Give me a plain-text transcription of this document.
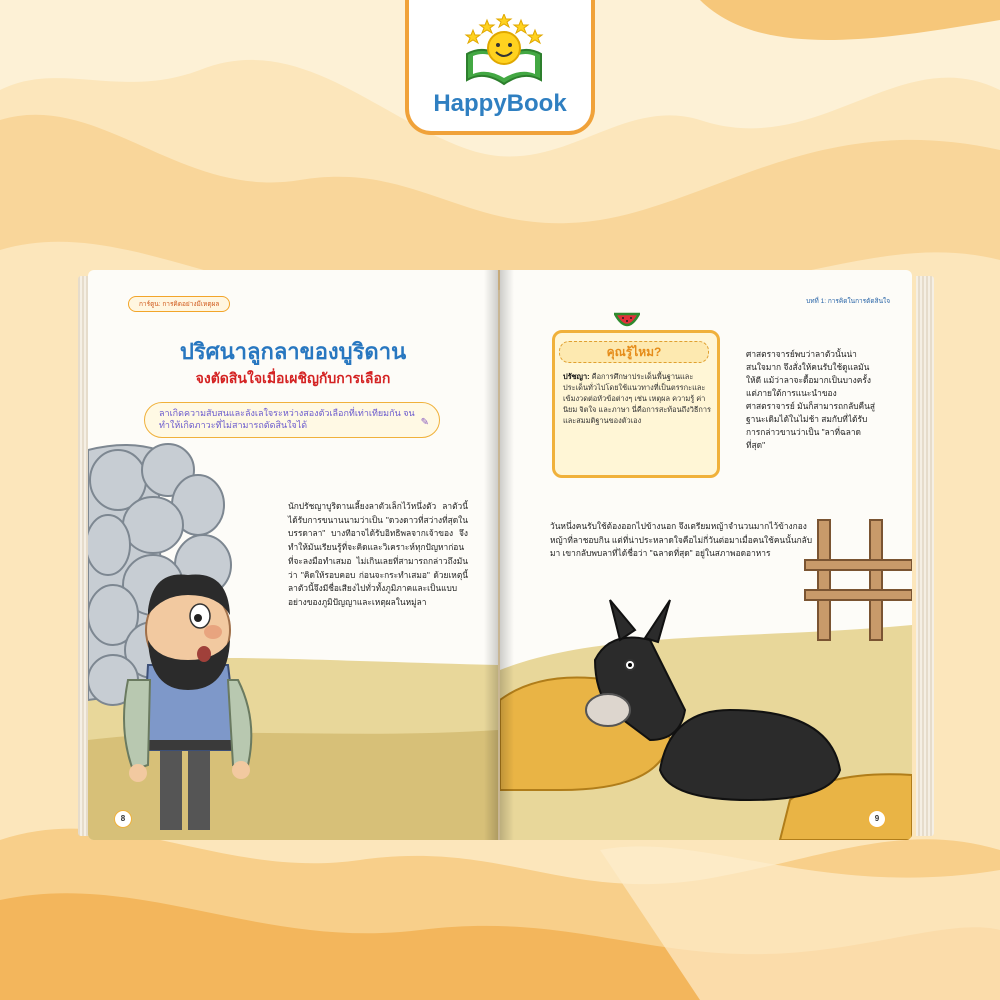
HappyBook
การ์ตูน: การคิดอย่างมีเหตุผล
ปริศนาลูกลาของบูริดาน
จงตัดสินใจเมื่อเผชิญกับการเลือก
ลาเกิดความสับสนและลังเลใจระหว่างสองตัวเลือกที่เท่าเทียมกัน จนทำให้เกิดภาวะที่ไม่สามารถตัดสินใจได้	✎
นักปรัชญาบูริดานเลี้ยงลาตัวเล็กไว้หนึ่งตัว ลาตัวนี้ได้รับการขนานนามว่าเป็น "ดวงดาวที่สว่างที่สุดในบรรดาลา" บางทีอาจได้รับอิทธิพลจากเจ้าของ จึงทำให้มันเรียนรู้ที่จะคิดและวิเคราะห์ทุกปัญหาก่อนที่จะลงมือทำเสมอ ไม่เกินเลยที่สามารถกล่าวถึงมันว่า "คิดให้รอบคอบ ก่อนจะกระทำเสมอ" ด้วยเหตุนี้ ลาตัวนี้จึงมีชื่อเสียงไปทั่วทั้งภูมิภาคและเป็นแบบอย่างของภูมิปัญญาและเหตุผลในหมู่ลา
8
บทที่ 1: การคิดในการตัดสินใจ
คุณรู้ไหม?
ปรัชญา: คือการศึกษาประเด็นพื้นฐานและประเด็นทั่วไปโดยใช้แนวทางที่เป็นตรรกะและเข้มงวดต่อหัวข้อต่างๆ เช่น เหตุผล ความรู้ ค่านิยม จิตใจ และภาษา นี่คือการสะท้อนถึงวิธีการและสมมติฐานของตัวเอง
ศาสตราจารย์พบว่าลาตัวนั้นน่าสนใจมาก จึงสั่งให้คนรับใช้ดูแลมันให้ดี แม้ว่าลาจะดื้อมากเป็นบางครั้ง แต่ภายใต้การแนะนำของศาสตราจารย์ มันก็สามารถกลับคืนสู่ฐานะเดิมได้ในไม่ช้า สมกับที่ได้รับการกล่าวขานว่าเป็น "ลาที่ฉลาดที่สุด"
วันหนึ่งคนรับใช้ต้องออกไปข้างนอก จึงเตรียมหญ้าจำนวนมากไว้ข้างกองหญ้าที่ลาชอบกิน แต่ที่น่าประหลาดใจคือไม่กี่วันต่อมาเมื่อคนใช้คนนั้นกลับมา เขากลับพบลาที่ได้ชื่อว่า "ฉลาดที่สุด" อยู่ในสภาพอดอาหาร
9
